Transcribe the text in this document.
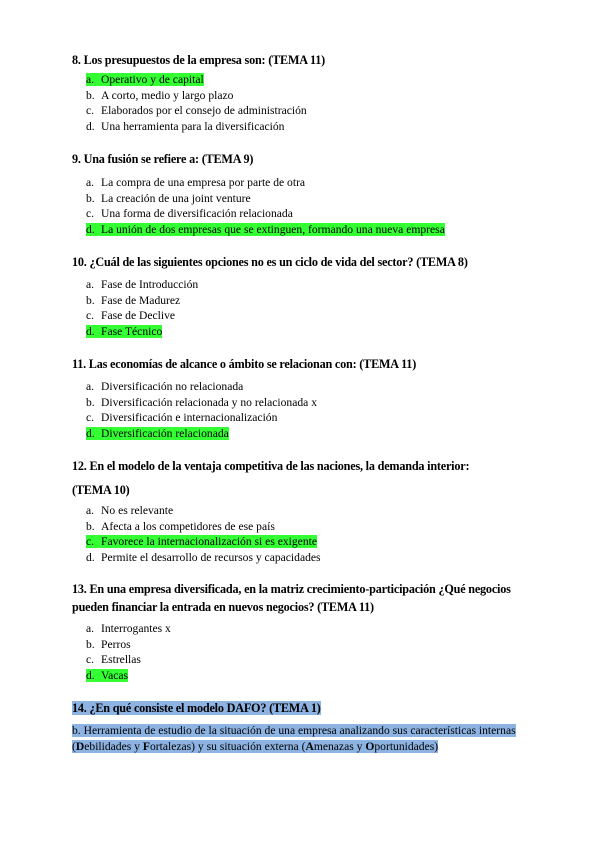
8. Los presupuestos de la empresa son: (TEMA 11)
a. Operativo y de capital
b. A corto, medio y largo plazo
c. Elaborados por el consejo de administración
d. Una herramienta para la diversificación
9. Una fusión se refiere a: (TEMA 9)
a. La compra de una empresa por parte de otra
b. La creación de una joint venture
c. Una forma de diversificación relacionada
d. La unión de dos empresas que se extinguen, formando una nueva empresa
10. ¿Cuál de las siguientes opciones no es un ciclo de vida del sector? (TEMA 8)
a. Fase de Introducción
b. Fase de Madurez
c. Fase de Declive
d. Fase Técnico
11. Las economías de alcance o ámbito se relacionan con: (TEMA 11)
a. Diversificación no relacionada
b. Diversificación relacionada y no relacionada x
c. Diversificación e internacionalización
d. Diversificación relacionada
12. En el modelo de la ventaja competitiva de las naciones, la demanda interior:
(TEMA 10)
a. No es relevante
b. Afecta a los competidores de ese país
c. Favorece la internacionalización si es exigente
d. Permite el desarrollo de recursos y capacidades
13. En una empresa diversificada, en la matriz crecimiento-participación ¿Qué negocios
pueden financiar la entrada en nuevos negocios? (TEMA 11)
a. Interrogantes x
b. Perros
c. Estrellas
d. Vacas
14. ¿En qué consiste el modelo DAFO? (TEMA 1)
b. Herramienta de estudio de la situación de una empresa analizando sus características internas
(Debilidades y Fortalezas) y su situación externa (Amenazas y Oportunidades)
